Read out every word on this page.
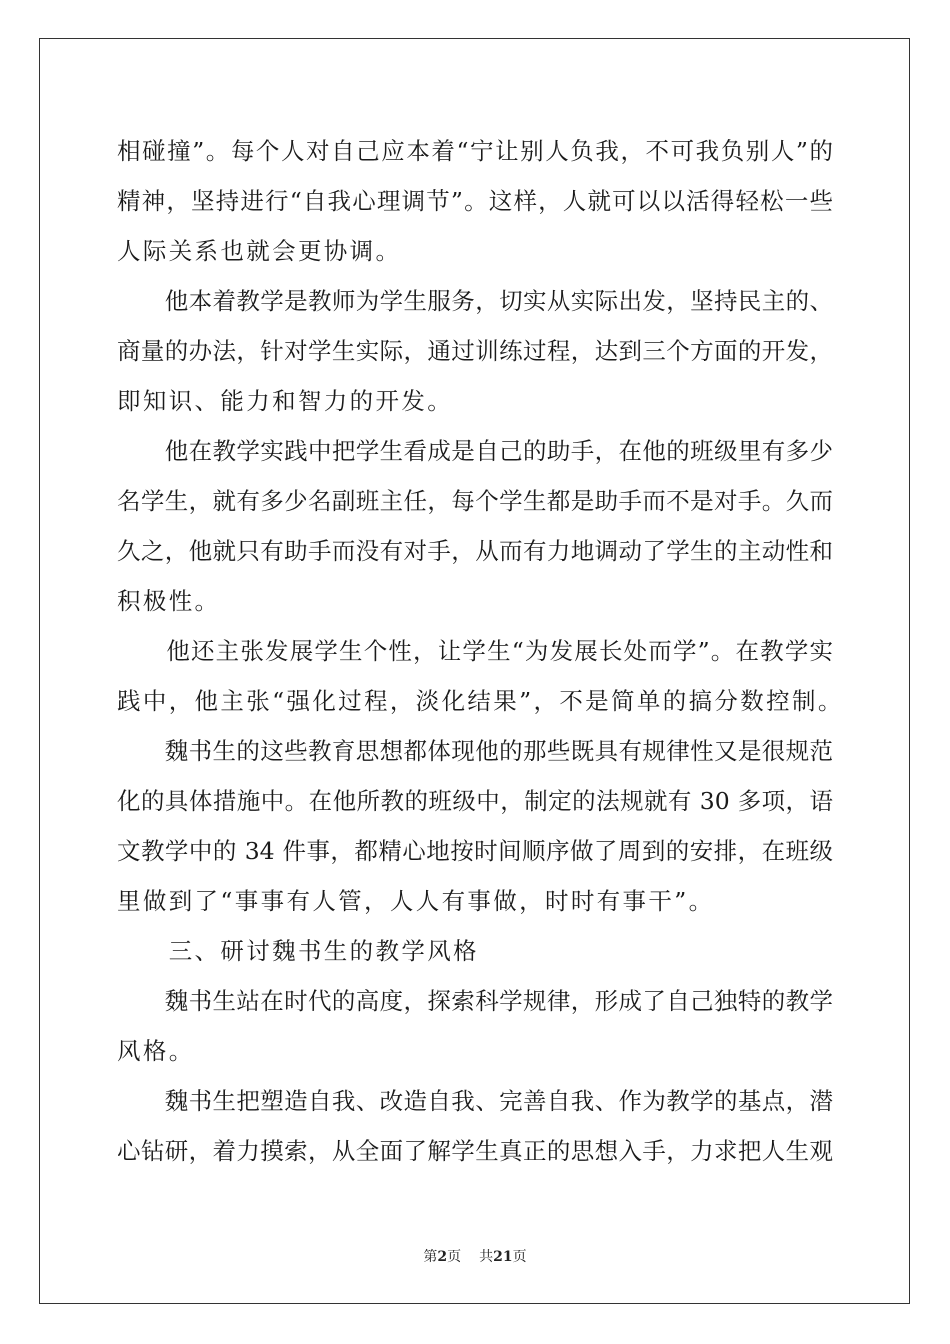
相碰撞”。每个人对自己应本着“宁让别人负我，不可我负别人”的
精神，坚持进行“自我心理调节”。这样，人就可以以活得轻松一些
人际关系也就会更协调。
　　他本着教学是教师为学生服务，切实从实际出发，坚持民主的、
商量的办法，针对学生实际，通过训练过程，达到三个方面的开发，
即知识、能力和智力的开发。
　　他在教学实践中把学生看成是自己的助手，在他的班级里有多少
名学生，就有多少名副班主任，每个学生都是助手而不是对手。久而
久之，他就只有助手而没有对手，从而有力地调动了学生的主动性和
积极性。
　　他还主张发展学生个性，让学生“为发展长处而学”。在教学实
践中，他主张“强化过程，淡化结果”，不是简单的搞分数控制。
　　魏书生的这些教育思想都体现他的那些既具有规律性又是很规范
化的具体措施中。在他所教的班级中，制定的法规就有 30 多项，语
文教学中的 34 件事，都精心地按时间顺序做了周到的安排，在班级
里做到了“事事有人管，人人有事做，时时有事干”。
　　三、研讨魏书生的教学风格
　　魏书生站在时代的高度，探索科学规律，形成了自己独特的教学
风格。
　　魏书生把塑造自我、改造自我、完善自我、作为教学的基点，潜
心钻研，着力摸索，从全面了解学生真正的思想入手，力求把人生观
第2页 共21页
